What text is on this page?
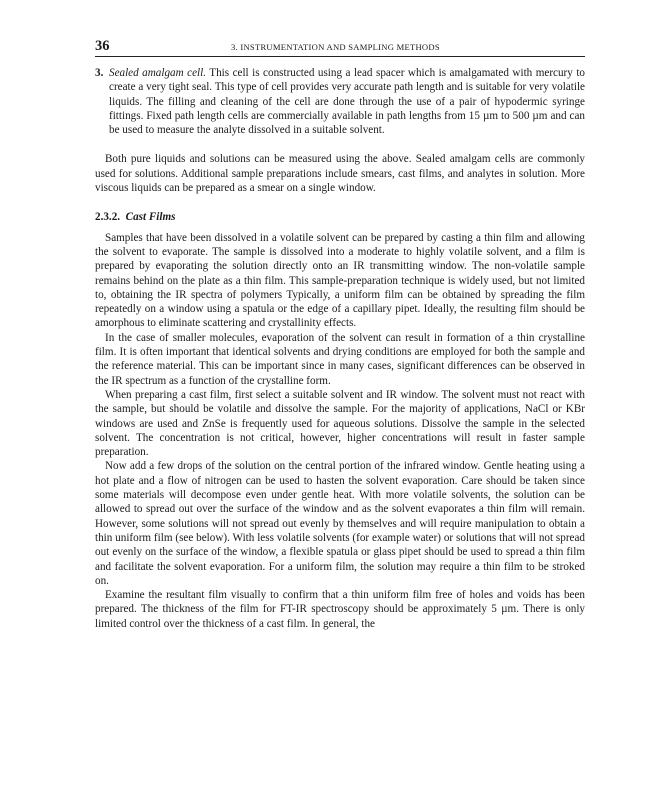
36	3. INSTRUMENTATION AND SAMPLING METHODS

3. Sealed amalgam cell. This cell is constructed using a lead spacer which is amalgamated with mercury to create a very tight seal. This type of cell provides very accurate path length and is suitable for very volatile liquids. The filling and cleaning of the cell are done through the use of a pair of hypodermic syringe fittings. Fixed path length cells are commercially available in path lengths from 15 µm to 500 µm and can be used to measure the analyte dissolved in a suitable solvent.

Both pure liquids and solutions can be measured using the above. Sealed amalgam cells are commonly used for solutions. Additional sample preparations include smears, cast films, and analytes in solution. More viscous liquids can be prepared as a smear on a single window.

2.3.2. Cast Films

Samples that have been dissolved in a volatile solvent can be prepared by casting a thin film and allowing the solvent to evaporate. The sample is dissolved into a moderate to highly volatile solvent, and a film is prepared by evaporating the solution directly onto an IR transmitting window. The non-volatile sample remains behind on the plate as a thin film. This sample-preparation technique is widely used, but not limited to, obtaining the IR spectra of polymers Typically, a uniform film can be obtained by spreading the film repeatedly on a window using a spatula or the edge of a capillary pipet. Ideally, the resulting film should be amorphous to eliminate scattering and crystallinity effects.

In the case of smaller molecules, evaporation of the solvent can result in formation of a thin crystalline film. It is often important that identical solvents and drying conditions are employed for both the sample and the reference material. This can be important since in many cases, significant differences can be observed in the IR spectrum as a function of the crystalline form.

When preparing a cast film, first select a suitable solvent and IR window. The solvent must not react with the sample, but should be volatile and dissolve the sample. For the majority of applications, NaCl or KBr windows are used and ZnSe is frequently used for aqueous solutions. Dissolve the sample in the selected solvent. The concentration is not critical, however, higher concentrations will result in faster sample preparation.

Now add a few drops of the solution on the central portion of the infrared window. Gentle heating using a hot plate and a flow of nitrogen can be used to hasten the solvent evaporation. Care should be taken since some materials will decompose even under gentle heat. With more volatile solvents, the solution can be allowed to spread out over the surface of the window and as the solvent evaporates a thin film will remain. However, some solutions will not spread out evenly by themselves and will require manipulation to obtain a thin uniform film (see below). With less volatile solvents (for example water) or solutions that will not spread out evenly on the surface of the window, a flexible spatula or glass pipet should be used to spread a thin film and facilitate the solvent evaporation. For a uniform film, the solution may require a thin film to be stroked on.

Examine the resultant film visually to confirm that a thin uniform film free of holes and voids has been prepared. The thickness of the film for FT-IR spectroscopy should be approximately 5 µm. There is only limited control over the thickness of a cast film. In general, the
